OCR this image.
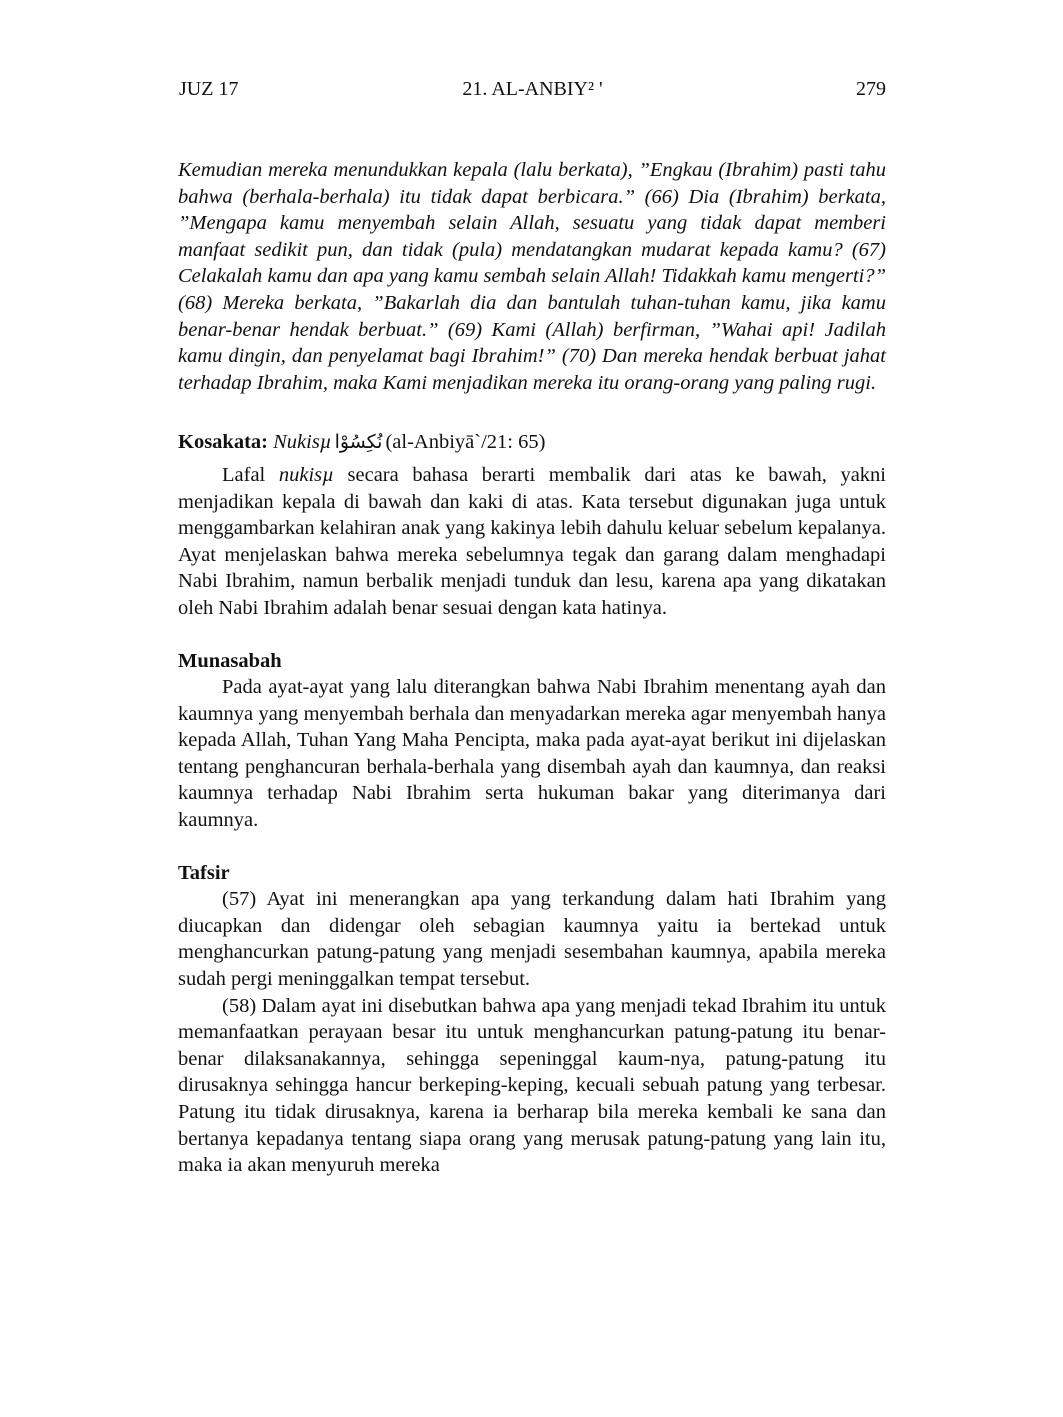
JUZ 17	21. AL-ANBIY² '	279

Kemudian mereka menundukkan kepala (lalu berkata), ”Engkau (Ibrahim) pasti tahu bahwa (berhala-berhala) itu tidak dapat berbicara.” (66) Dia (Ibrahim) berkata, ”Mengapa kamu menyembah selain Allah, sesuatu yang tidak dapat memberi manfaat sedikit pun, dan tidak (pula) mendatangkan mudarat kepada kamu? (67) Celakalah kamu dan apa yang kamu sembah selain Allah! Tidakkah kamu mengerti?” (68) Mereka berkata, ”Bakarlah dia dan bantulah tuhan-tuhan kamu, jika kamu benar-benar hendak berbuat.” (69) Kami (Allah) berfirman, ”Wahai api! Jadilah kamu dingin, dan penyelamat bagi Ibrahim!” (70) Dan mereka hendak berbuat jahat terhadap Ibrahim, maka Kami menjadikan mereka itu orang-orang yang paling rugi.

Kosakata: Nukisµ نُكِسُوْا (al-Anbiyā`/21: 65)

Lafal nukisµ secara bahasa berarti membalik dari atas ke bawah, yakni menjadikan kepala di bawah dan kaki di atas. Kata tersebut digunakan juga untuk menggambarkan kelahiran anak yang kakinya lebih dahulu keluar sebelum kepalanya. Ayat menjelaskan bahwa mereka sebelumnya tegak dan garang dalam menghadapi Nabi Ibrahim, namun berbalik menjadi tunduk dan lesu, karena apa yang dikatakan oleh Nabi Ibrahim adalah benar sesuai dengan kata hatinya.

Munasabah

Pada ayat-ayat yang lalu diterangkan bahwa Nabi Ibrahim menentang ayah dan kaumnya yang menyembah berhala dan menyadarkan mereka agar menyembah hanya kepada Allah, Tuhan Yang Maha Pencipta, maka pada ayat-ayat berikut ini dijelaskan tentang penghancuran berhala-berhala yang disembah ayah dan kaumnya, dan reaksi kaumnya terhadap Nabi Ibrahim serta hukuman bakar yang diterimanya dari kaumnya.

Tafsir

(57) Ayat ini menerangkan apa yang terkandung dalam hati Ibrahim yang diucapkan dan didengar oleh sebagian kaumnya yaitu ia bertekad untuk menghancurkan patung-patung yang menjadi sesembahan kaumnya, apabila mereka sudah pergi meninggalkan tempat tersebut.

(58) Dalam ayat ini disebutkan bahwa apa yang menjadi tekad Ibrahim itu untuk memanfaatkan perayaan besar itu untuk menghancurkan patung-patung itu benar-benar dilaksanakannya, sehingga sepeninggal kaum-nya, patung-patung itu dirusaknya sehingga hancur berkeping-keping, kecuali sebuah patung yang terbesar. Patung itu tidak dirusaknya, karena ia berharap bila mereka kembali ke sana dan bertanya kepadanya tentang siapa orang yang merusak patung-patung yang lain itu, maka ia akan menyuruh mereka
